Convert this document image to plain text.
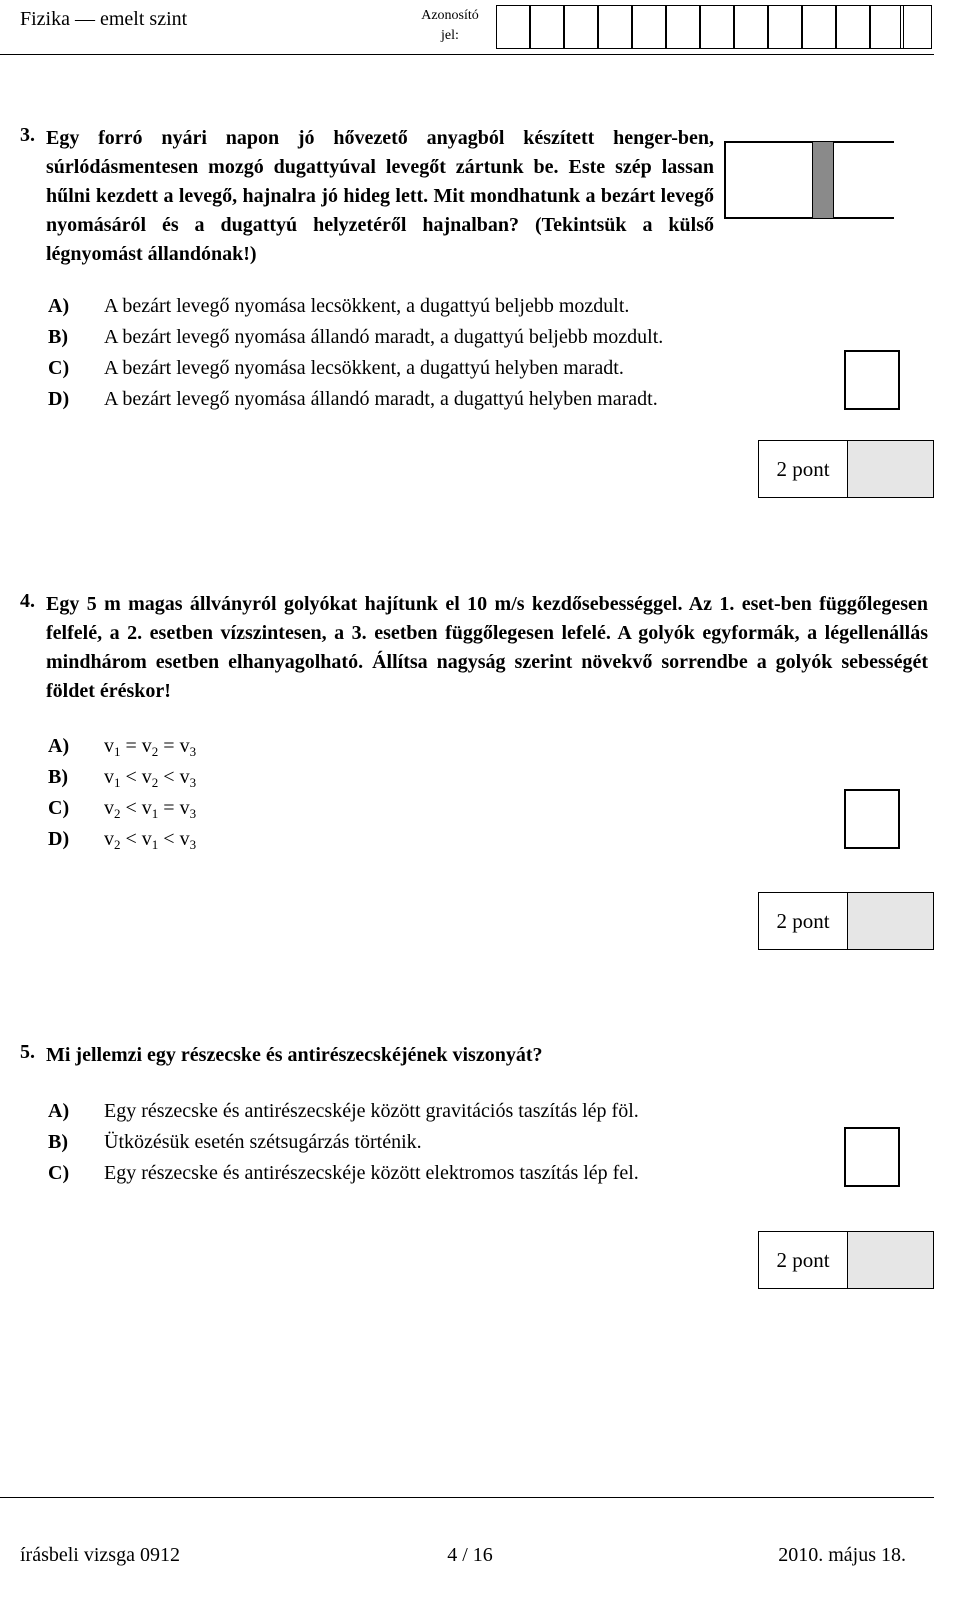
Fizika — emelt szint	Azonosító
jel:
3. Egy forró nyári napon jó hővezető anyagból készített henger-ben, súrlódásmentesen mozgó dugattyúval levegőt zártunk be. Este szép lassan hűlni kezdett a levegő, hajnalra jó hideg lett. Mit mondhatunk a bezárt levegő nyomásáról és a dugattyú helyzetéről hajnalban? (Tekintsük a külső légnyomást állandónak!)
A) A bezárt levegő nyomása lecsökkent, a dugattyú beljebb mozdult.
B) A bezárt levegő nyomása állandó maradt, a dugattyú beljebb mozdult.
C) A bezárt levegő nyomása lecsökkent, a dugattyú helyben maradt.
D) A bezárt levegő nyomása állandó maradt, a dugattyú helyben maradt.
2 pont
4. Egy 5 m magas állványról golyókat hajítunk el 10 m/s kezdősebességgel. Az 1. eset-ben függőlegesen felfelé, a 2. esetben vízszintesen, a 3. esetben függőlegesen lefelé. A golyók egyformák, a légellenállás mindhárom esetben elhanyagolható. Állítsa nagyság szerint növekvő sorrendbe a golyók sebességét földet éréskor!
A) $v_1 = v_2 = v_3$
B) $v_1 < v_2 < v_3$
C) $v_2 < v_1 = v_3$
D) $v_2 < v_1 < v_3$
2 pont
5. Mi jellemzi egy részecske és antirészecskéjének viszonyát?
A) Egy részecske és antirészecskéje között gravitációs taszítás lép föl.
B) Ütközésük esetén szétsugárzás történik.
C) Egy részecske és antirészecskéje között elektromos taszítás lép fel.
2 pont
írásbeli vizsga 0912	4 / 16	2010. május 18.
